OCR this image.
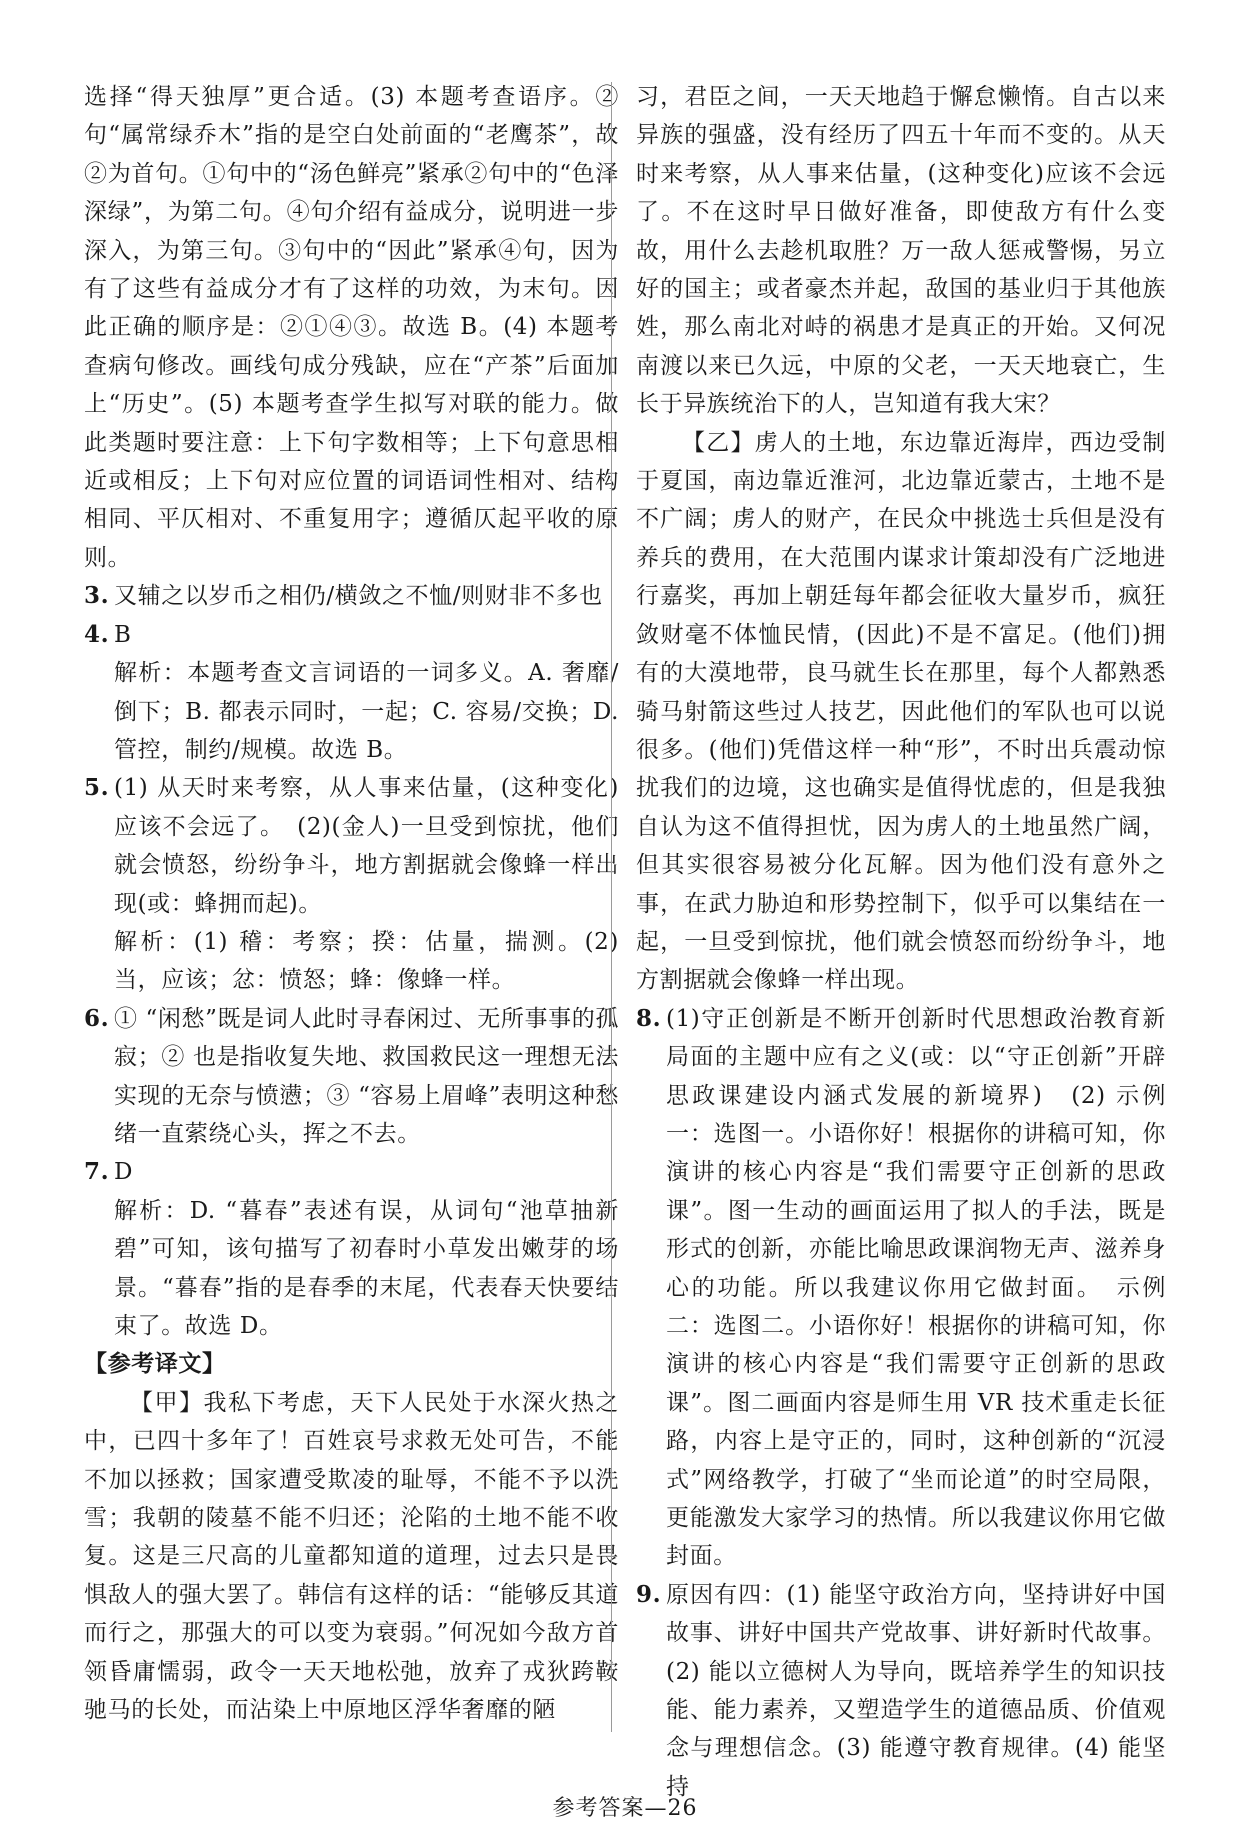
选择“得天独厚”更合适。(3) 本题考查语序。②句“属常绿乔木”指的是空白处前面的“老鹰茶”，故②为首句。①句中的“汤色鲜亮”紧承②句中的“色泽深绿”，为第二句。④句介绍有益成分，说明进一步深入，为第三句。③句中的“因此”紧承④句，因为有了这些有益成分才有了这样的功效，为末句。因此正确的顺序是：②①④③。故选 B。(4) 本题考查病句修改。画线句成分残缺，应在“产茶”后面加上“历史”。(5) 本题考查学生拟写对联的能力。做此类题时要注意：上下句字数相等；上下句意思相近或相反；上下句对应位置的词语词性相对、结构相同、平仄相对、不重复用字；遵循仄起平收的原则。

3. 又辅之以岁币之相仍/横敛之不恤/则财非不多也
4. B
解析：本题考查文言词语的一词多义。A. 奢靡/倒下；B. 都表示同时，一起；C. 容易/交换；D. 管控，制约/规模。故选 B。
5. (1) 从天时来考察，从人事来估量，(这种变化)应该不会远了。　(2)(金人)一旦受到惊扰，他们就会愤怒，纷纷争斗，地方割据就会像蜂一样出现(或：蜂拥而起)。
解析：(1) 稽：考察；揆：估量，揣测。(2) 当，应该；忿：愤怒；蜂：像蜂一样。
6. ① “闲愁”既是词人此时寻春闲过、无所事事的孤寂；② 也是指收复失地、救国救民这一理想无法实现的无奈与愤懑；③ “容易上眉峰”表明这种愁绪一直萦绕心头，挥之不去。
7. D
解析：D. “暮春”表述有误，从词句“池草抽新碧”可知，该句描写了初春时小草发出嫩芽的场景。“暮春”指的是春季的末尾，代表春天快要结束了。故选 D。

【参考译文】

【甲】我私下考虑，天下人民处于水深火热之中，已四十多年了！百姓哀号求救无处可告，不能不加以拯救；国家遭受欺凌的耻辱，不能不予以洗雪；我朝的陵墓不能不归还；沦陷的土地不能不收复。这是三尺高的儿童都知道的道理，过去只是畏惧敌人的强大罢了。韩信有这样的话：“能够反其道而行之，那强大的可以变为衰弱。”何况如今敌方首领昏庸懦弱，政令一天天地松弛，放弃了戎狄跨鞍驰马的长处，而沾染上中原地区浮华奢靡的陋

习，君臣之间，一天天地趋于懈怠懒惰。自古以来异族的强盛，没有经历了四五十年而不变的。从天时来考察，从人事来估量，(这种变化)应该不会远了。不在这时早日做好准备，即使敌方有什么变故，用什么去趁机取胜？万一敌人惩戒警惕，另立好的国主；或者豪杰并起，敌国的基业归于其他族姓，那么南北对峙的祸患才是真正的开始。又何况南渡以来已久远，中原的父老，一天天地衰亡，生长于异族统治下的人，岂知道有我大宋？

【乙】虏人的土地，东边靠近海岸，西边受制于夏国，南边靠近淮河，北边靠近蒙古，土地不是不广阔；虏人的财产，在民众中挑选士兵但是没有养兵的费用，在大范围内谋求计策却没有广泛地进行嘉奖，再加上朝廷每年都会征收大量岁币，疯狂敛财毫不体恤民情，(因此)不是不富足。(他们)拥有的大漠地带，良马就生长在那里，每个人都熟悉骑马射箭这些过人技艺，因此他们的军队也可以说很多。(他们)凭借这样一种“形”，不时出兵震动惊扰我们的边境，这也确实是值得忧虑的，但是我独自认为这不值得担忧，因为虏人的土地虽然广阔，但其实很容易被分化瓦解。因为他们没有意外之事，在武力胁迫和形势控制下，似乎可以集结在一起，一旦受到惊扰，他们就会愤怒而纷纷争斗，地方割据就会像蜂一样出现。

8. (1)守正创新是不断开创新时代思想政治教育新局面的主题中应有之义(或：以“守正创新”开辟思政课建设内涵式发展的新境界)　(2) 示例一：选图一。小语你好！根据你的讲稿可知，你演讲的核心内容是“我们需要守正创新的思政课”。图一生动的画面运用了拟人的手法，既是形式的创新，亦能比喻思政课润物无声、滋养身心的功能。所以我建议你用它做封面。　示例二：选图二。小语你好！根据你的讲稿可知，你演讲的核心内容是“我们需要守正创新的思政课”。图二画面内容是师生用 VR 技术重走长征路，内容上是守正的，同时，这种创新的“沉浸式”网络教学，打破了“坐而论道”的时空局限，更能激发大家学习的热情。所以我建议你用它做封面。
9. 原因有四：(1) 能坚守政治方向，坚持讲好中国故事、讲好中国共产党故事、讲好新时代故事。(2) 能以立德树人为导向，既培养学生的知识技能、能力素养，又塑造学生的道德品质、价值观念与理想信念。(3) 能遵守教育规律。(4) 能坚持
参考答案—26
